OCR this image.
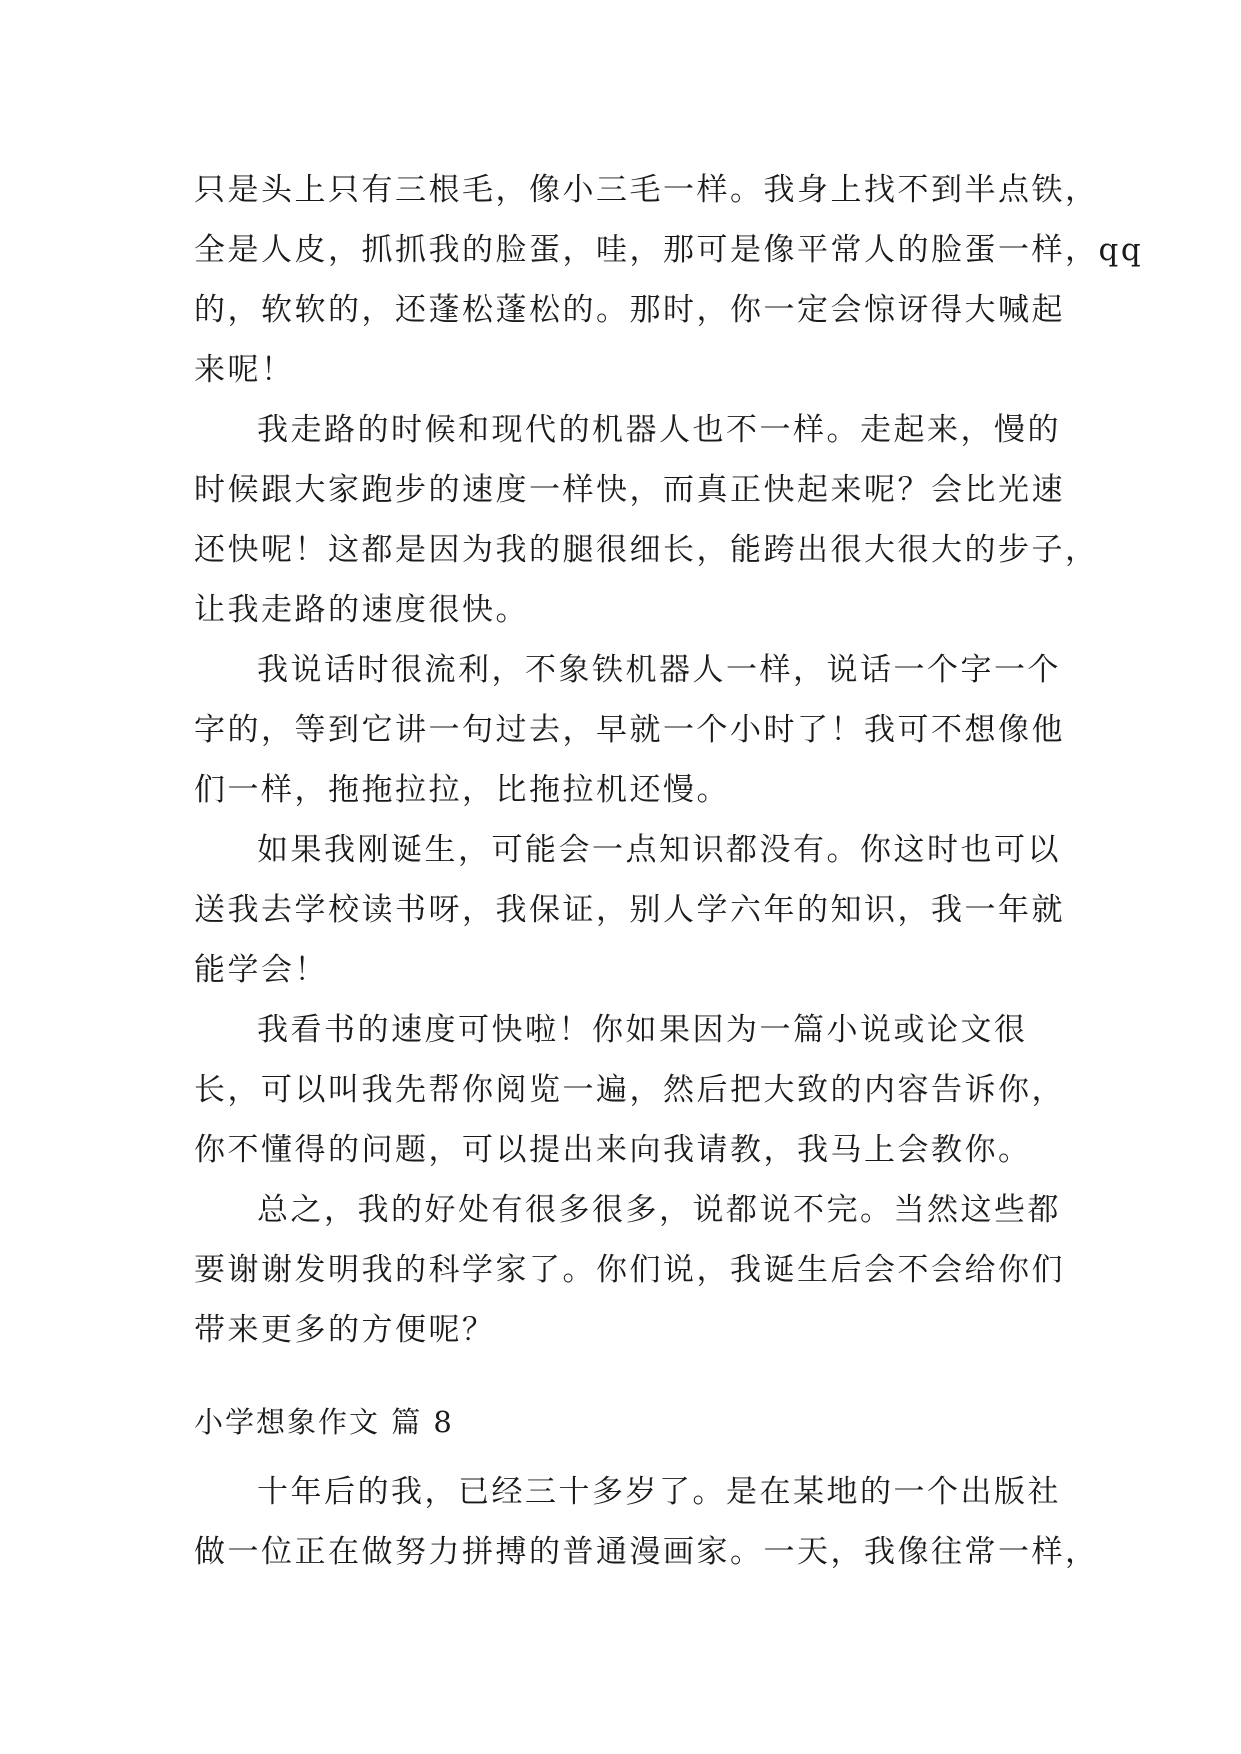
只是头上只有三根毛，像小三毛一样。我身上找不到半点铁，
全是人皮，抓抓我的脸蛋，哇，那可是像平常人的脸蛋一样，qq
的，软软的，还蓬松蓬松的。那时，你一定会惊讶得大喊起
来呢！
我走路的时候和现代的机器人也不一样。走起来，慢的
时候跟大家跑步的速度一样快，而真正快起来呢？会比光速
还快呢！这都是因为我的腿很细长，能跨出很大很大的步子，
让我走路的速度很快。
我说话时很流利，不象铁机器人一样，说话一个字一个
字的，等到它讲一句过去，早就一个小时了！我可不想像他
们一样，拖拖拉拉，比拖拉机还慢。
如果我刚诞生，可能会一点知识都没有。你这时也可以
送我去学校读书呀，我保证，别人学六年的知识，我一年就
能学会！
我看书的速度可快啦！你如果因为一篇小说或论文很
长，可以叫我先帮你阅览一遍，然后把大致的内容告诉你，
你不懂得的问题，可以提出来向我请教，我马上会教你。
总之，我的好处有很多很多，说都说不完。当然这些都
要谢谢发明我的科学家了。你们说，我诞生后会不会给你们
带来更多的方便呢？
小学想象作文 篇 8
十年后的我，已经三十多岁了。是在某地的一个出版社
做一位正在做努力拼搏的普通漫画家。一天，我像往常一样，
